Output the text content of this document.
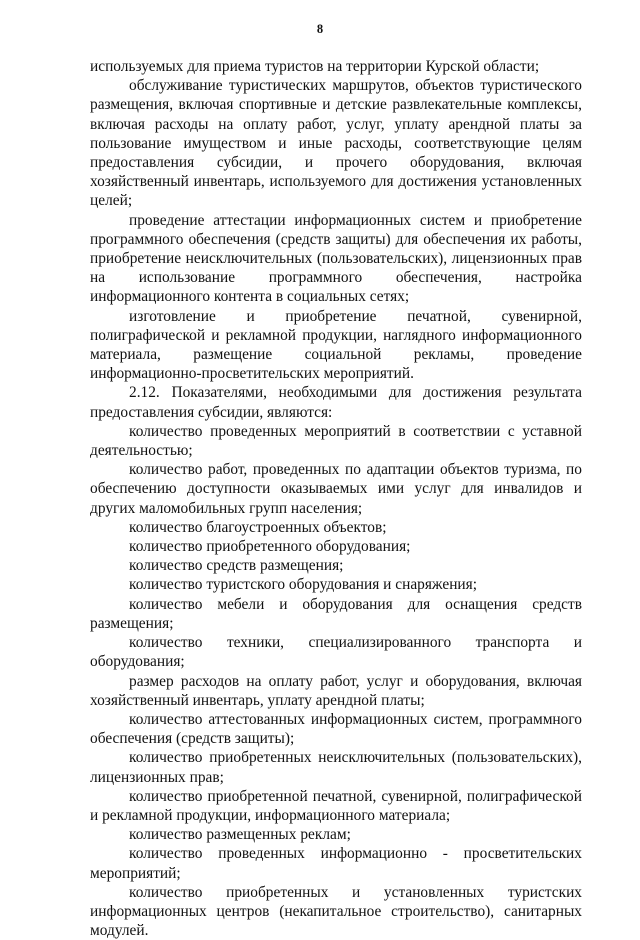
8

используемых для приема туристов на территории Курской области;

обслуживание туристических маршрутов, объектов туристического размещения, включая спортивные и детские развлекательные комплексы, включая расходы на оплату работ, услуг, уплату арендной платы за пользование имуществом и иные расходы, соответствующие целям предоставления субсидии, и прочего оборудования, включая хозяйственный инвентарь, используемого для достижения установленных целей;

проведение аттестации информационных систем и приобретение программного обеспечения (средств защиты) для обеспечения их работы, приобретение неисключительных (пользовательских), лицензионных прав на использование программного обеспечения, настройка информационного контента в социальных сетях;

изготовление и приобретение печатной, сувенирной, полиграфической и рекламной продукции, наглядного информационного материала, размещение социальной рекламы, проведение информационно-просветительских мероприятий.

2.12. Показателями, необходимыми для достижения результата предоставления субсидии, являются:

количество проведенных мероприятий в соответствии с уставной деятельностью;

количество работ, проведенных по адаптации объектов туризма, по обеспечению доступности оказываемых ими услуг для инвалидов и других маломобильных групп населения;

количество благоустроенных объектов;

количество приобретенного оборудования;

количество средств размещения;

количество туристского оборудования и снаряжения;

количество мебели и оборудования для оснащения средств размещения;

количество техники, специализированного транспорта и оборудования;

размер расходов на оплату работ, услуг и оборудования, включая хозяйственный инвентарь, уплату арендной платы;

количество аттестованных информационных систем, программного обеспечения (средств защиты);

количество приобретенных неисключительных (пользовательских), лицензионных прав;

количество приобретенной печатной, сувенирной, полиграфической и рекламной продукции, информационного материала;

количество размещенных реклам;

количество проведенных информационно - просветительских мероприятий;

количество приобретенных и установленных туристских информационных центров (некапитальное строительство), санитарных модулей.
